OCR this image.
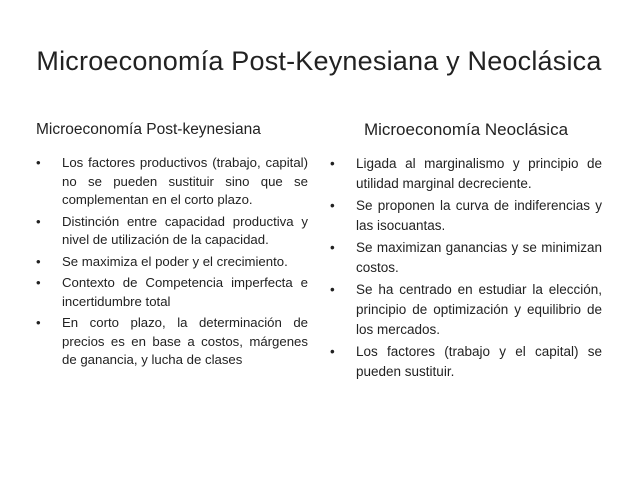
Microeconomía Post-Keynesiana y Neoclásica
Microeconomía Post-keynesiana
•	Los factores productivos (trabajo, capital) no se pueden sustituir sino que se complementan en el corto plazo.
•	Distinción entre capacidad productiva y nivel de utilización de la capacidad.
•	Se maximiza el poder y el crecimiento.
•	Contexto de Competencia imperfecta e incertidumbre total
•	En corto plazo, la determinación de precios es en base a costos, márgenes de ganancia, y lucha de clases
Microeconomía Neoclásica
•	Ligada al marginalismo y principio de utilidad marginal decreciente.
•	Se proponen la curva de indiferencias y las isocuantas.
•	Se maximizan ganancias y se minimizan costos.
•	Se ha centrado en estudiar la elección, principio de optimización y equilibrio de los mercados.
•	Los factores (trabajo y el capital) se pueden sustituir.
